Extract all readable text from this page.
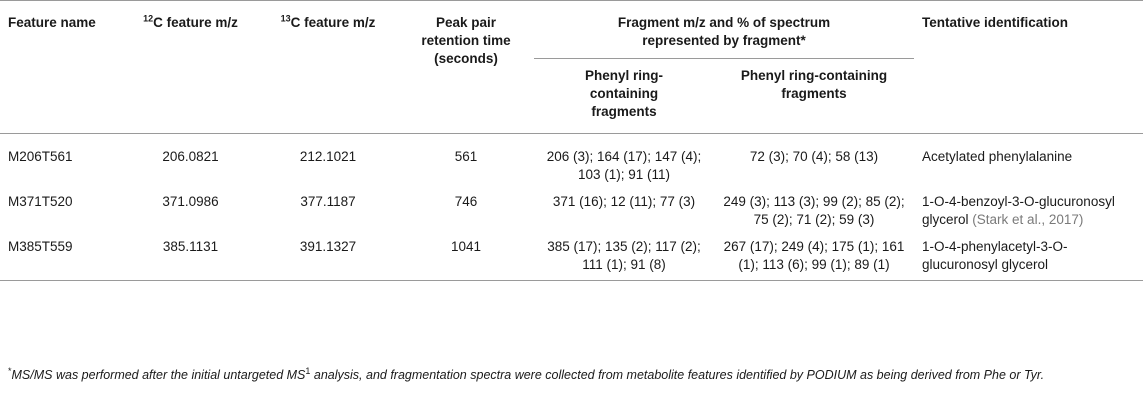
Feature name	$^{12}$C feature m/z	$^{13}$C feature m/z	Peak pair retention time (seconds)	Fragment m/z and % of spectrum represented by fragment*		Tentative identification
				Phenyl ring-containing fragments	Phenyl ring-containing fragments	
M206T561	206.0821	212.1021	561	206 (3); 164 (17); 147 (4); 103 (1); 91 (11)	72 (3); 70 (4); 58 (13)	Acetylated phenylalanine
M371T520	371.0986	377.1187	746	371 (16); 12 (11); 77 (3)	249 (3); 113 (3); 99 (2); 85 (2); 75 (2); 71 (2); 59 (3)	1-O-4-benzoyl-3-O-glucuronosyl glycerol (Stark et al., 2017)
M385T559	385.1131	391.1327	1041	385 (17); 135 (2); 117 (2); 111 (1); 91 (8)	267 (17); 249 (4); 175 (1); 161 (1); 113 (6); 99 (1); 89 (1)	1-O-4-phenylacetyl-3-O-glucuronosyl glycerol
*MS/MS was performed after the initial untargeted $MS^1$ analysis, and fragmentation spectra were collected from metabolite features identified by PODIUM as being derived from Phe or Tyr.
